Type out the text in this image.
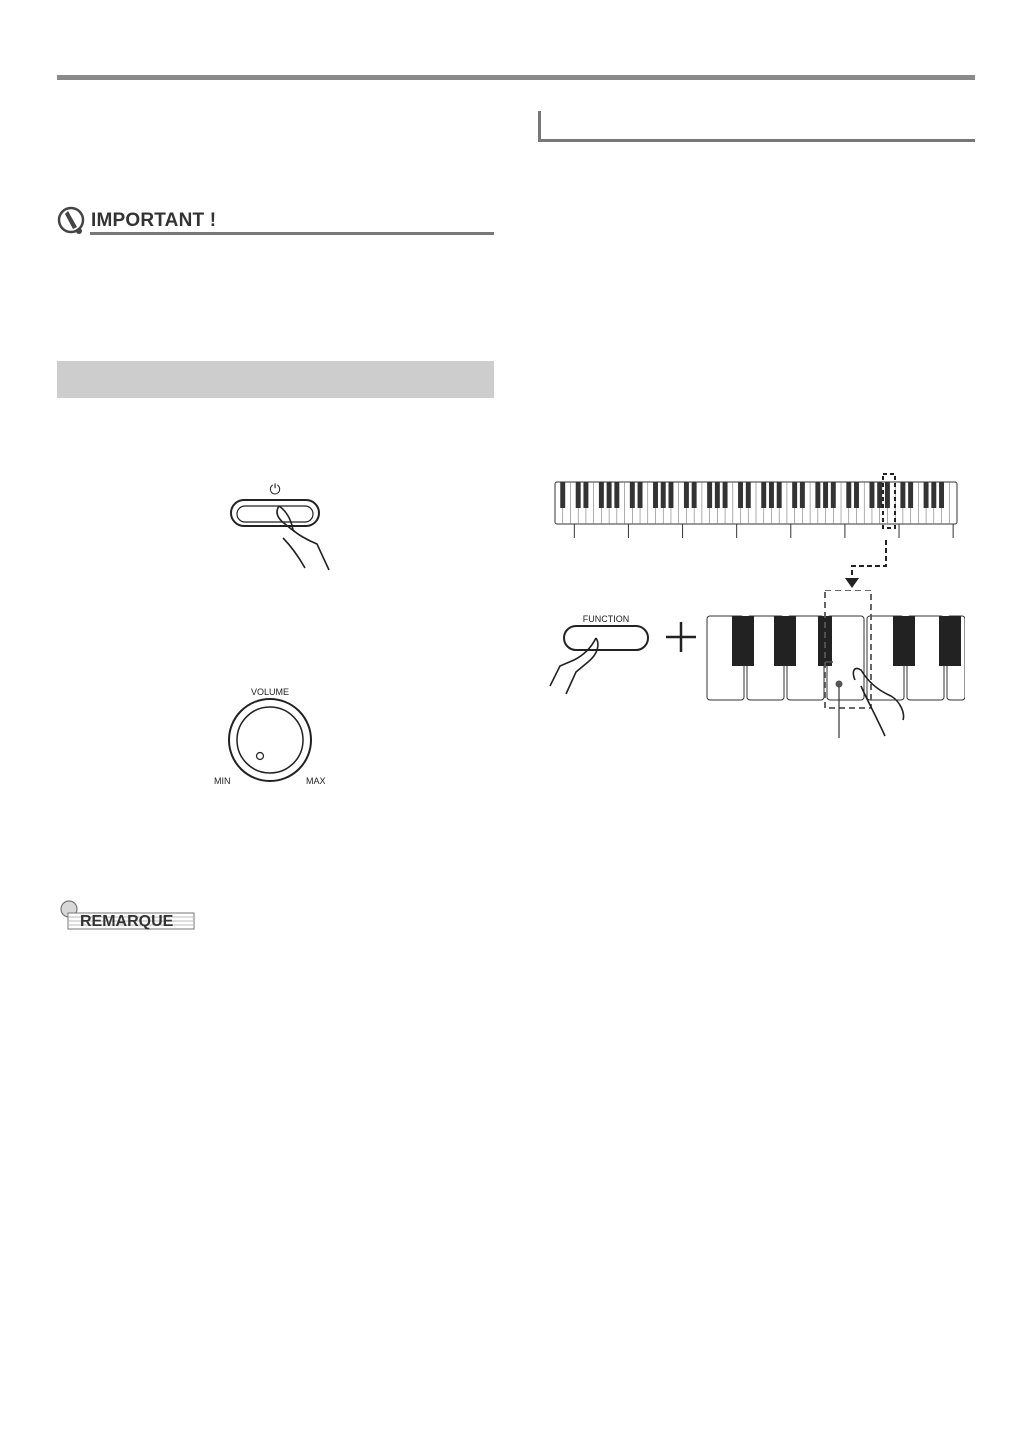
IMPORTANT !
⏻
VOLUME
MIN	MAX
REMARQUE
FUNCTION
